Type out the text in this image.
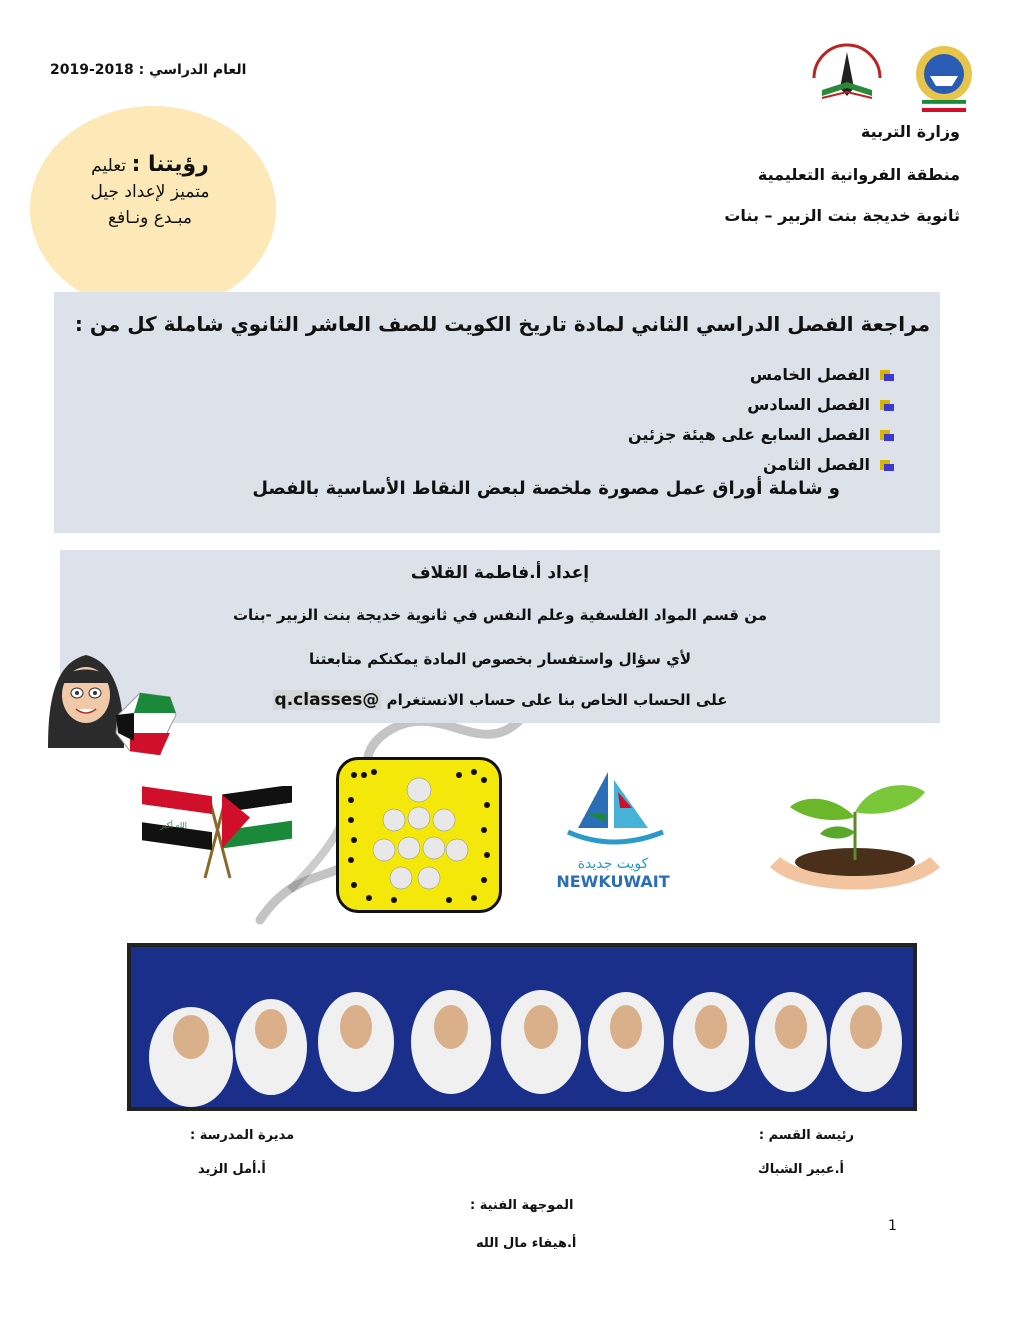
العام الدراسي : 2018-2019
وزارة التربية
منطقة الفروانية التعليمية
ثانوية خديجة بنت الزبير – بنات
رؤيتنا : تعليم
متميز لإعداد جيل
مبـدع ونـافع
مراجعة الفصل الدراسي الثاني لمادة تاريخ الكويت للصف العاشر الثانوي شاملة كل من :
الفصل الخامس
الفصل السادس
الفصل السابع على هيئة جزئين
الفصل الثامن
و شاملة أوراق عمل مصورة ملخصة لبعض النقاط الأساسية بالفصل
إعداد أ.فاطمة القلاف
من قسم المواد الفلسفية وعلم النفس في ثانوية خديجة بنت الزبير -بنات
لأي سؤال واستفسار بخصوص المادة يمكنكم متابعتنا
على الحساب الخاص بنا على حساب الانستغرام @q.classes
الله أكبر
كويت جديدة
NEWKUWAIT
رئيسة القسم :
أ.عبير الشباك
مديرة المدرسة :
أ.أمل الزيد
الموجهة الفنية :
أ.هيفاء مال الله
1
